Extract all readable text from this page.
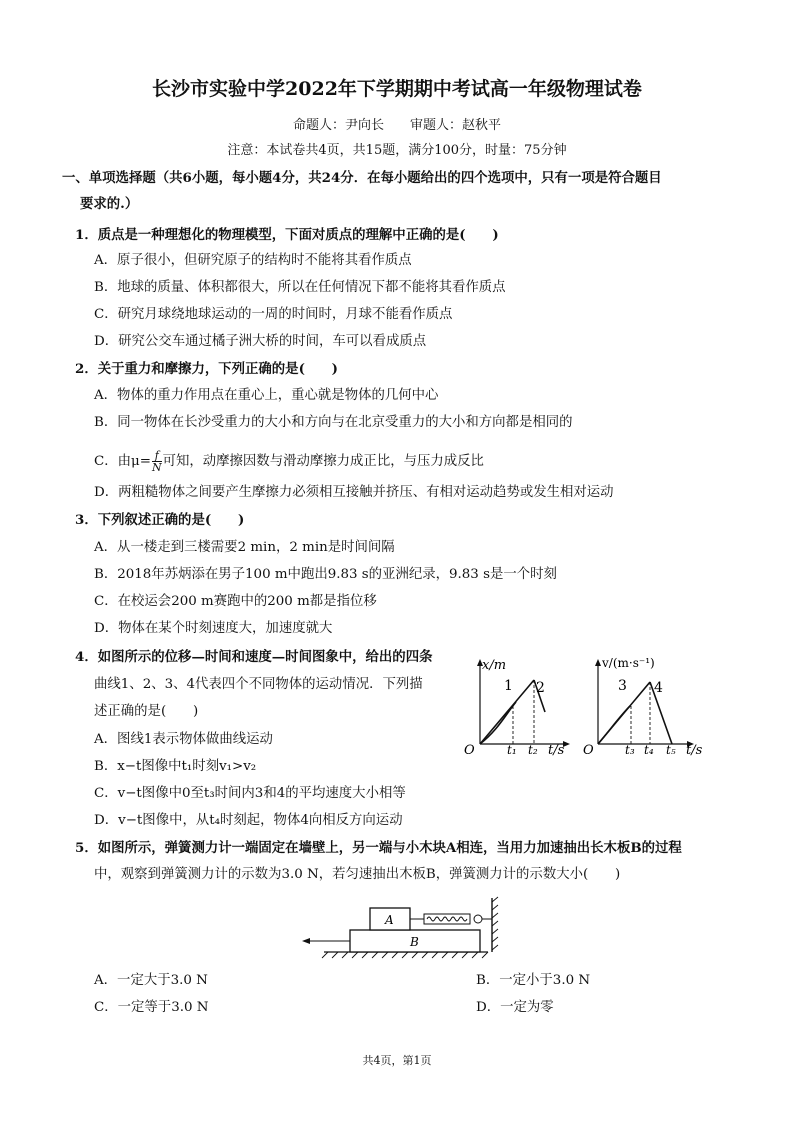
长沙市实验中学2022年下学期期中考试高一年级物理试卷
命题人：尹向长　　审题人：赵秋平
注意：本试卷共4页，共15题，满分100分，时量：75分钟
一、单项选择题（共6小题，每小题4分，共24分．在每小题给出的四个选项中，只有一项是符合题目
要求的.）
1．质点是一种理想化的物理模型，下面对质点的理解中正确的是(　　)
A．原子很小，但研究原子的结构时不能将其看作质点
B．地球的质量、体积都很大，所以在任何情况下都不能将其看作质点
C．研究月球绕地球运动的一周的时间时，月球不能看作质点
D．研究公交车通过橘子洲大桥的时间，车可以看成质点
2．关于重力和摩擦力，下列正确的是(　　)
A．物体的重力作用点在重心上，重心就是物体的几何中心
B．同一物体在长沙受重力的大小和方向与在北京受重力的大小和方向都是相同的
C．由$\mu= \frac{f}{N}$ 可知，动摩擦因数与滑动摩擦力成正比，与压力成反比
D．两粗糙物体之间要产生摩擦力必须相互接触并挤压、有相对运动趋势或发生相对运动
3．下列叙述正确的是(　　)
A．从一楼走到三楼需要2 min，2 min是时间间隔
B．2018年苏炳添在男子100 m中跑出9.83 s的亚洲纪录，9.83 s是一个时刻
C．在校运会200 m赛跑中的200 m都是指位移
D．物体在某个时刻速度大，加速度就大
4．如图所示的位移—时间和速度—时间图象中，给出的四条
曲线1、2、3、4代表四个不同物体的运动情况．下列描
述正确的是(　　)
A．图线1表示物体做曲线运动
B．x−t图像中t₁时刻v₁>v₂
C．v−t图像中0至t₃时间内3和4的平均速度大小相等
D．v−t图像中，从t₄时刻起，物体4向相反方向运动
x/m
O	t/s
t₁ t₂
1 2
v/(m·s⁻¹)
O	t/s
t₃ t₄ t₅
3 4
5．如图所示，弹簧测力计一端固定在墙壁上，另一端与小木块A相连，当用力加速抽出长木板B的过程
中，观察到弹簧测力计的示数为3.0 N，若匀速抽出木板B，弹簧测力计的示数大小(　　)
B
A
A．一定大于3.0 N	B．一定小于3.0 N
C．一定等于3.0 N	D．一定为零
共4页，第1页
